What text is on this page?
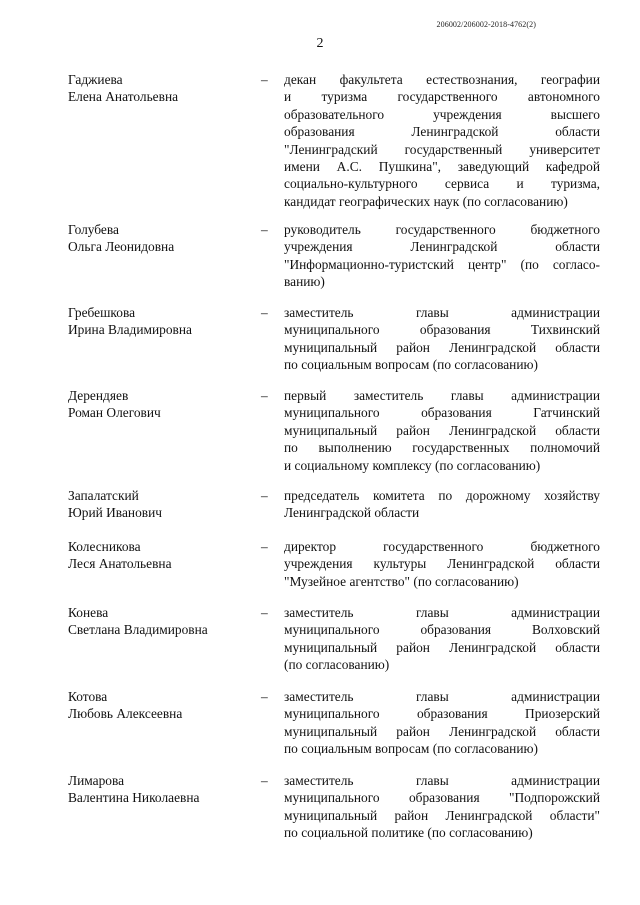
206002/206002-2018-4762(2)
2
Гаджиева
Елена Анатольевна
– декан факультета естествознания, географии
и туризма государственного автономного
образовательного учреждения высшего
образования Ленинградской области
"Ленинградский государственный университет
имени А.С. Пушкина", заведующий кафедрой
социально-культурного сервиса и туризма,
кандидат географических наук (по согласованию)
Голубева
Ольга Леонидовна
– руководитель государственного бюджетного
учреждения Ленинградской области
"Информационно-туристский центр" (по согласо-
ванию)
Гребешкова
Ирина Владимировна
– заместитель главы администрации
муниципального образования Тихвинский
муниципальный район Ленинградской области
по социальным вопросам (по согласованию)
Дерендяев
Роман Олегович
– первый заместитель главы администрации
муниципального образования Гатчинский
муниципальный район Ленинградской области
по выполнению государственных полномочий
и социальному комплексу (по согласованию)
Запалатский
Юрий Иванович
– председатель комитета по дорожному хозяйству
Ленинградской области
Колесникова
Леся Анатольевна
– директор государственного бюджетного
учреждения культуры Ленинградской области
"Музейное агентство" (по согласованию)
Конева
Светлана Владимировна
– заместитель главы администрации
муниципального образования Волховский
муниципальный район Ленинградской области
(по согласованию)
Котова
Любовь Алексеевна
– заместитель главы администрации
муниципального образования Приозерский
муниципальный район Ленинградской области
по социальным вопросам (по согласованию)
Лимарова
Валентина Николаевна
– заместитель главы администрации
муниципального образования "Подпорожский
муниципальный район Ленинградской области"
по социальной политике (по согласованию)
